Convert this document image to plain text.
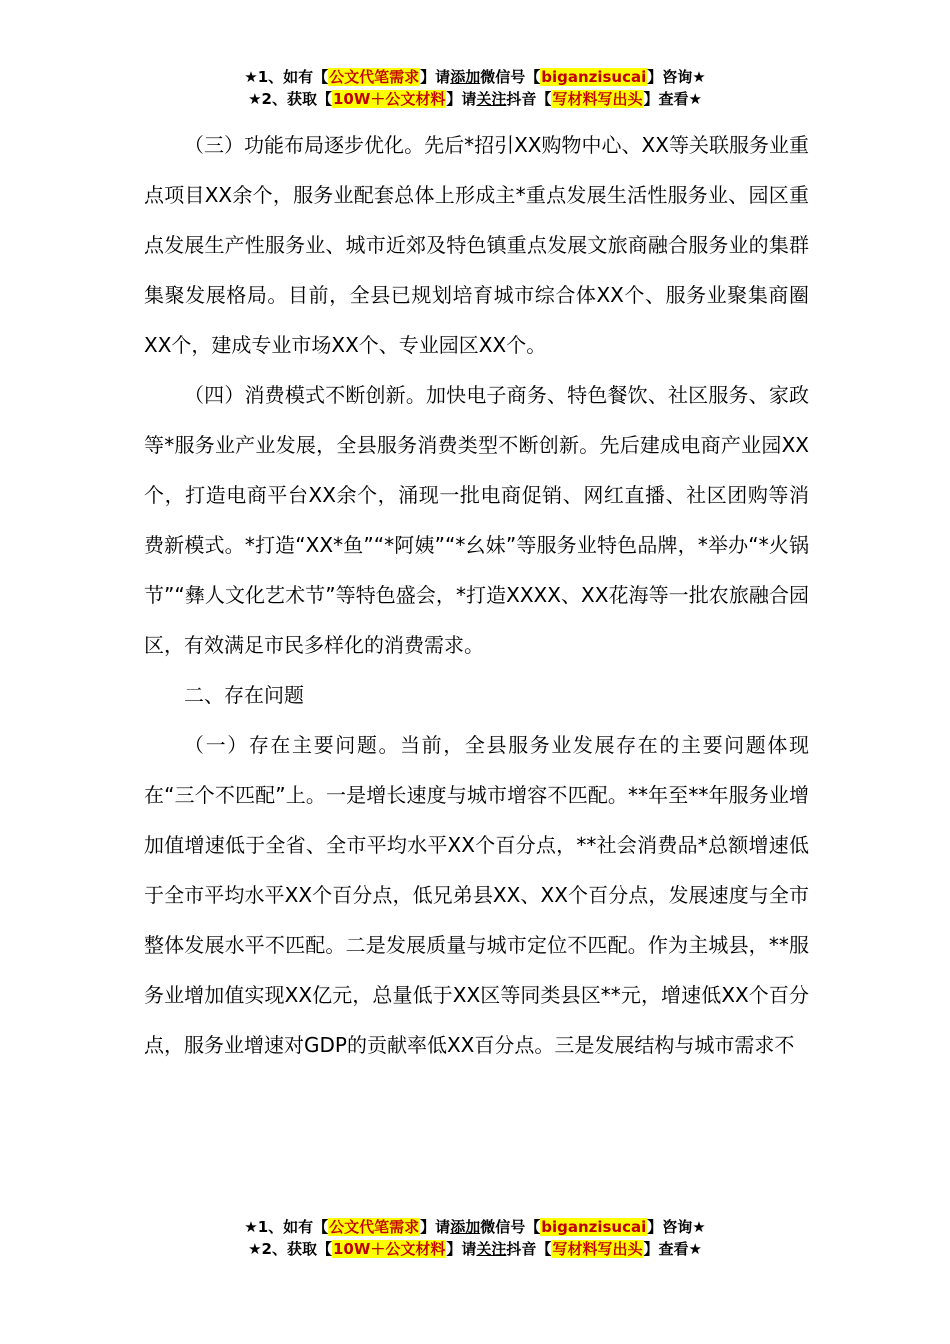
★1、如有【公文代笔需求】请添加微信号【biganzisucai】咨询★
★2、获取【10W＋公文材料】请关注抖音【写材料写出头】查看★

（三）功能布局逐步优化。先后*招引XX购物中心、XX等关联服务业重点项目XX余个，服务业配套总体上形成主*重点发展生活性服务业、园区重点发展生产性服务业、城市近郊及特色镇重点发展文旅商融合服务业的集群集聚发展格局。目前，全县已规划培育城市综合体XX个、服务业聚集商圈XX个，建成专业市场XX个、专业园区XX个。

（四）消费模式不断创新。加快电子商务、特色餐饮、社区服务、家政等*服务业产业发展，全县服务消费类型不断创新。先后建成电商产业园XX个，打造电商平台XX余个，涌现一批电商促销、网红直播、社区团购等消费新模式。*打造“XX*鱼”“*阿姨”“*幺妹”等服务业特色品牌，*举办“*火锅节”“彝人文化艺术节”等特色盛会，*打造XXXX、XX花海等一批农旅融合园区，有效满足市民多样化的消费需求。

二、存在问题

（一）存在主要问题。当前，全县服务业发展存在的主要问题体现在“三个不匹配”上。一是增长速度与城市增容不匹配。**年至**年服务业增加值增速低于全省、全市平均水平XX个百分点，**社会消费品*总额增速低于全市平均水平XX个百分点，低兄弟县XX、XX个百分点，发展速度与全市整体发展水平不匹配。二是发展质量与城市定位不匹配。作为主城县，**服务业增加值实现XX亿元，总量低于XX区等同类县区**元，增速低XX个百分点，服务业增速对GDP的贡献率低XX百分点。三是发展结构与城市需求不

★1、如有【公文代笔需求】请添加微信号【biganzisucai】咨询★
★2、获取【10W＋公文材料】请关注抖音【写材料写出头】查看★
